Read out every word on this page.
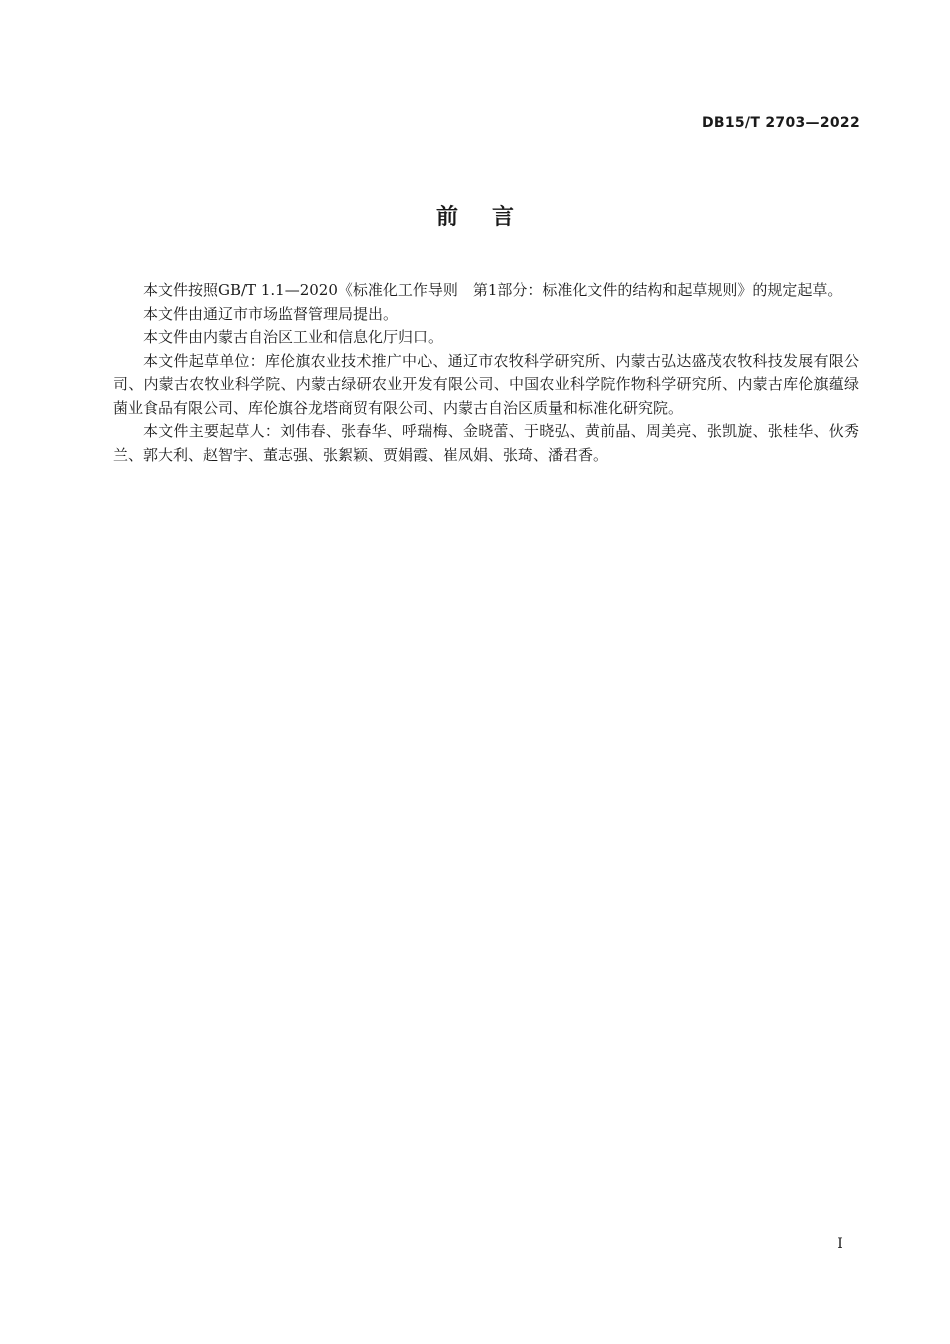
DB15/T 2703—2022
前言

本文件按照GB/T 1.1—2020《标准化工作导则　第1部分：标准化文件的结构和起草规则》的规定起草。

本文件由通辽市市场监督管理局提出。

本文件由内蒙古自治区工业和信息化厅归口。

本文件起草单位：库伦旗农业技术推广中心、通辽市农牧科学研究所、内蒙古弘达盛茂农牧科技发展有限公司、内蒙古农牧业科学院、内蒙古绿研农业开发有限公司、中国农业科学院作物科学研究所、内蒙古库伦旗蕴绿菌业食品有限公司、库伦旗谷龙塔商贸有限公司、内蒙古自治区质量和标准化研究院。

本文件主要起草人：刘伟春、张春华、呼瑞梅、金晓蕾、于晓弘、黄前晶、周美亮、张凯旋、张桂华、伙秀兰、郭大利、赵智宇、董志强、张絮颖、贾娟霞、崔凤娟、张琦、潘君香。

I
